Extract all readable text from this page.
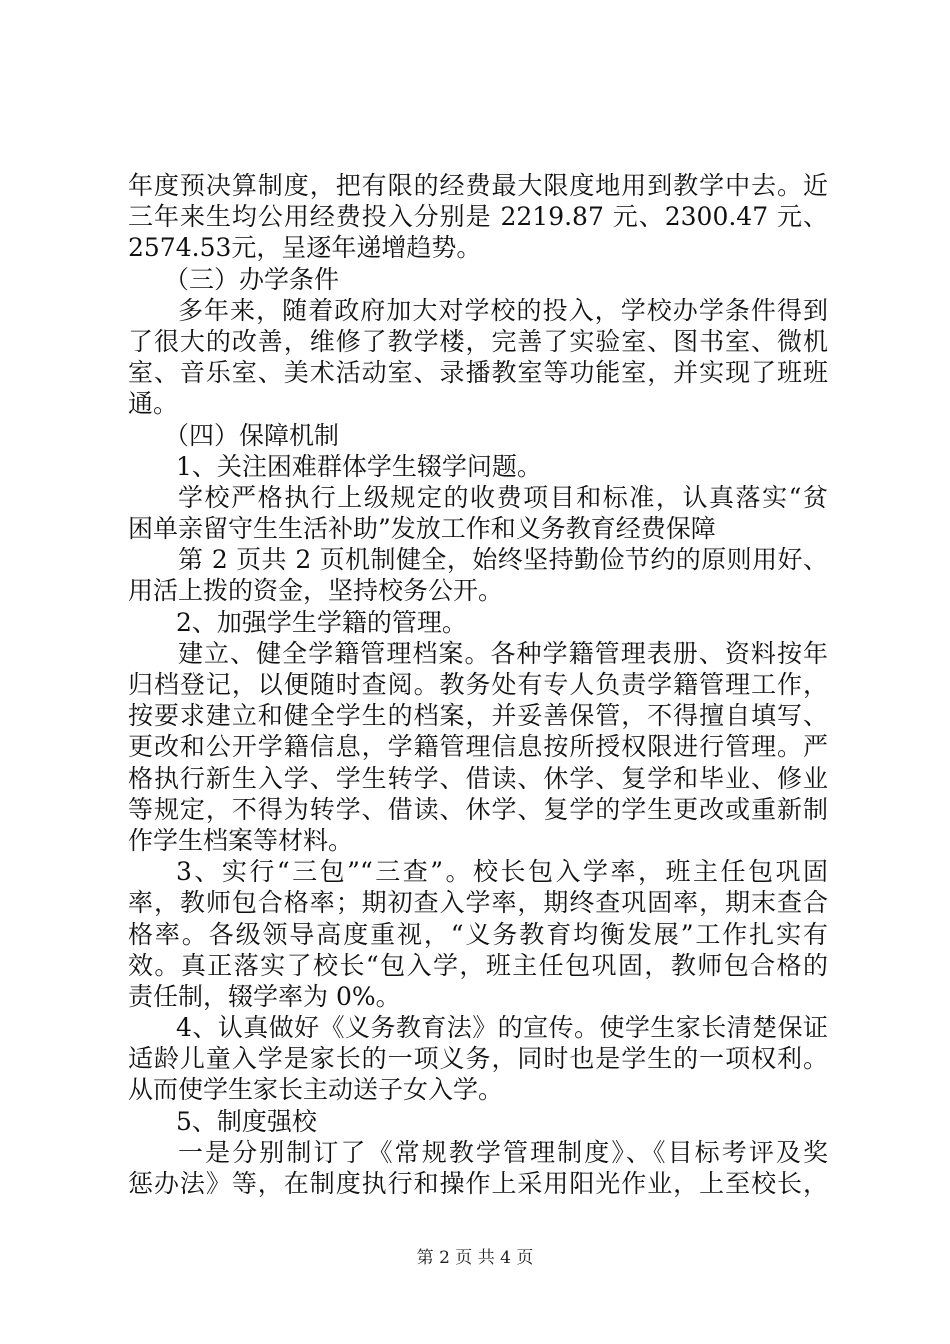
年度预决算制度，把有限的经费最大限度地用到教学中去。近
三年来生均公用经费投入分别是 2219.87 元、2300.47 元、
2574.53元，呈逐年递增趋势。
（三）办学条件
多年来，随着政府加大对学校的投入，学校办学条件得到
了很大的改善，维修了教学楼，完善了实验室、图书室、微机
室、音乐室、美术活动室、录播教室等功能室，并实现了班班
通。
（四）保障机制
1、关注困难群体学生辍学问题。
学校严格执行上级规定的收费项目和标准，认真落实“贫
困单亲留守生生活补助”发放工作和义务教育经费保障
第 2 页共 2 页机制健全，始终坚持勤俭节约的原则用好、
用活上拨的资金，坚持校务公开。
2、加强学生学籍的管理。
建立、健全学籍管理档案。各种学籍管理表册、资料按年
归档登记，以便随时查阅。教务处有专人负责学籍管理工作，
按要求建立和健全学生的档案，并妥善保管，不得擅自填写、
更改和公开学籍信息，学籍管理信息按所授权限进行管理。严
格执行新生入学、学生转学、借读、休学、复学和毕业、修业
等规定，不得为转学、借读、休学、复学的学生更改或重新制
作学生档案等材料。
3、实行“三包”“三查”。校长包入学率，班主任包巩固
率，教师包合格率；期初查入学率，期终查巩固率，期末查合
格率。各级领导高度重视，“义务教育均衡发展”工作扎实有
效。真正落实了校长“包入学，班主任包巩固，教师包合格的
责任制，辍学率为 0%。
4、认真做好《义务教育法》的宣传。使学生家长清楚保证
适龄儿童入学是家长的一项义务，同时也是学生的一项权利。
从而使学生家长主动送子女入学。
5、制度强校
一是分别制订了《常规教学管理制度》、《目标考评及奖
惩办法》等，在制度执行和操作上采用阳光作业，上至校长，
第 2 页 共 4 页
